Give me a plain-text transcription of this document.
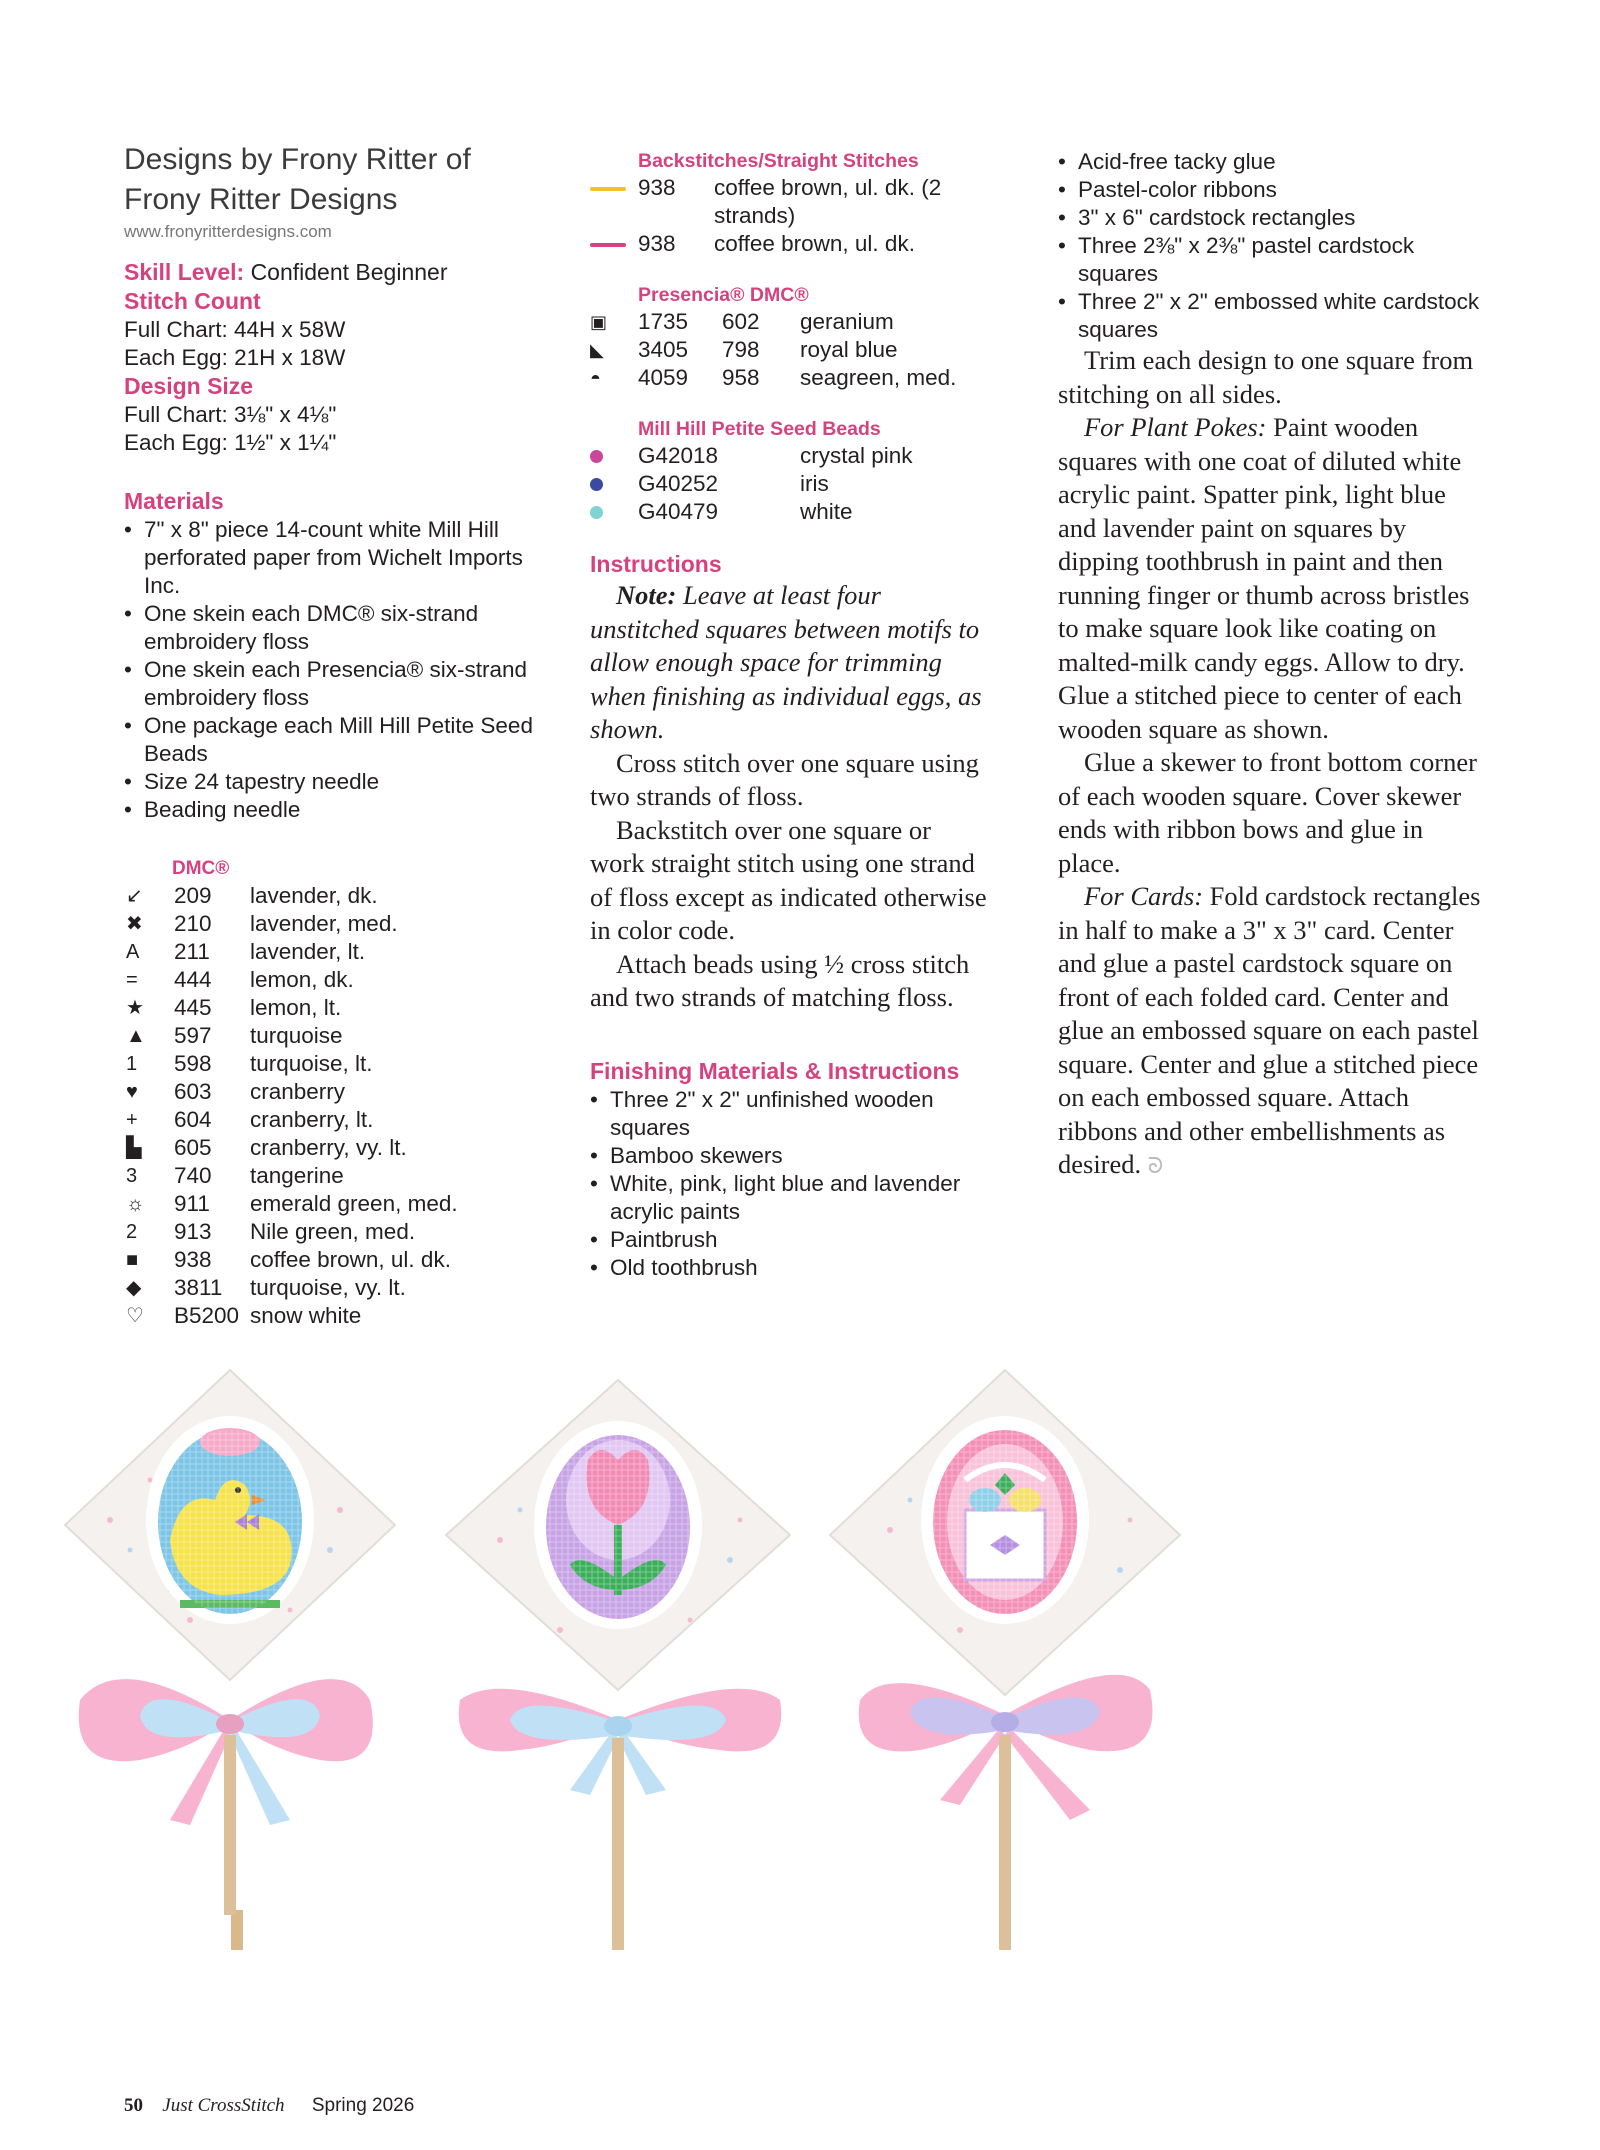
Designs by Frony Ritter of

Frony Ritter Designs

www.fronyritterdesigns.com

Skill Level: Confident Beginner

Stitch Count

Full Chart: 44H x 58W

Each Egg: 21H x 18W

Design Size

Full Chart: 3⅛" x 4⅛"

Each Egg: 1½" x 1¼"

Materials

• 7" x 8" piece 14-count white Mill Hill perforated paper from Wichelt Imports Inc.
• One skein each DMC® six-strand embroidery floss
• One skein each Presencia® six-strand embroidery floss
• One package each Mill Hill Petite Seed Beads
• Size 24 tapestry needle
• Beading needle

DMC®

↙	209	lavender, dk.
✖	210	lavender, med.
A	211	lavender, lt.
=	444	lemon, dk.
★	445	lemon, lt.
▲	597	turquoise
1	598	turquoise, lt.
♥	603	cranberry
+	604	cranberry, lt.
▙	605	cranberry, vy. lt.
3	740	tangerine
☼	911	emerald green, med.
2	913	Nile green, med.
■	938	coffee brown, ul. dk.
◆	3811	turquoise, vy. lt.
♡	B5200 snow white

Backstitches/Straight Stitches

938	coffee brown, ul. dk. (2 strands)
938	coffee brown, ul. dk.

Presencia® DMC®

▣	1735	602	geranium
◣	3405	798	royal blue
◓	4059	958	seagreen, med.

Mill Hill Petite Seed Beads

G42018	crystal pink
G40252	iris
G40479	white

Instructions

Note: Leave at least four unstitched squares between motifs to allow enough space for trimming when finishing as individual eggs, as shown.

Cross stitch over one square using two strands of floss.

Backstitch over one square or work straight stitch using one strand of floss except as indicated otherwise in color code.

Attach beads using ½ cross stitch and two strands of matching floss.

Finishing Materials & Instructions

• Three 2" x 2" unfinished wooden squares
• Bamboo skewers
• White, pink, light blue and lavender acrylic paints
• Paintbrush
• Old toothbrush
• Acid-free tacky glue
• Pastel-color ribbons
• 3" x 6" cardstock rectangles
• Three 2⅜" x 2⅜" pastel cardstock squares
• Three 2" x 2" embossed white cardstock squares

Trim each design to one square from stitching on all sides.

For Plant Pokes: Paint wooden squares with one coat of diluted white acrylic paint. Spatter pink, light blue and lavender paint on squares by dipping toothbrush in paint and then running finger or thumb across bristles to make square look like coating on malted-milk candy eggs. Allow to dry. Glue a stitched piece to center of each wooden square as shown.

Glue a skewer to front bottom corner of each wooden square. Cover skewer ends with ribbon bows and glue in place.

For Cards: Fold cardstock rectangles in half to make a 3" x 3" card. Center and glue a pastel cardstock square on front of each folded card. Center and glue an embossed square on each pastel square. Center and glue a stitched piece on each embossed square. Attach ribbons and other embellishments as desired. ᘐ

50 Just CrossStitch Spring 2026
